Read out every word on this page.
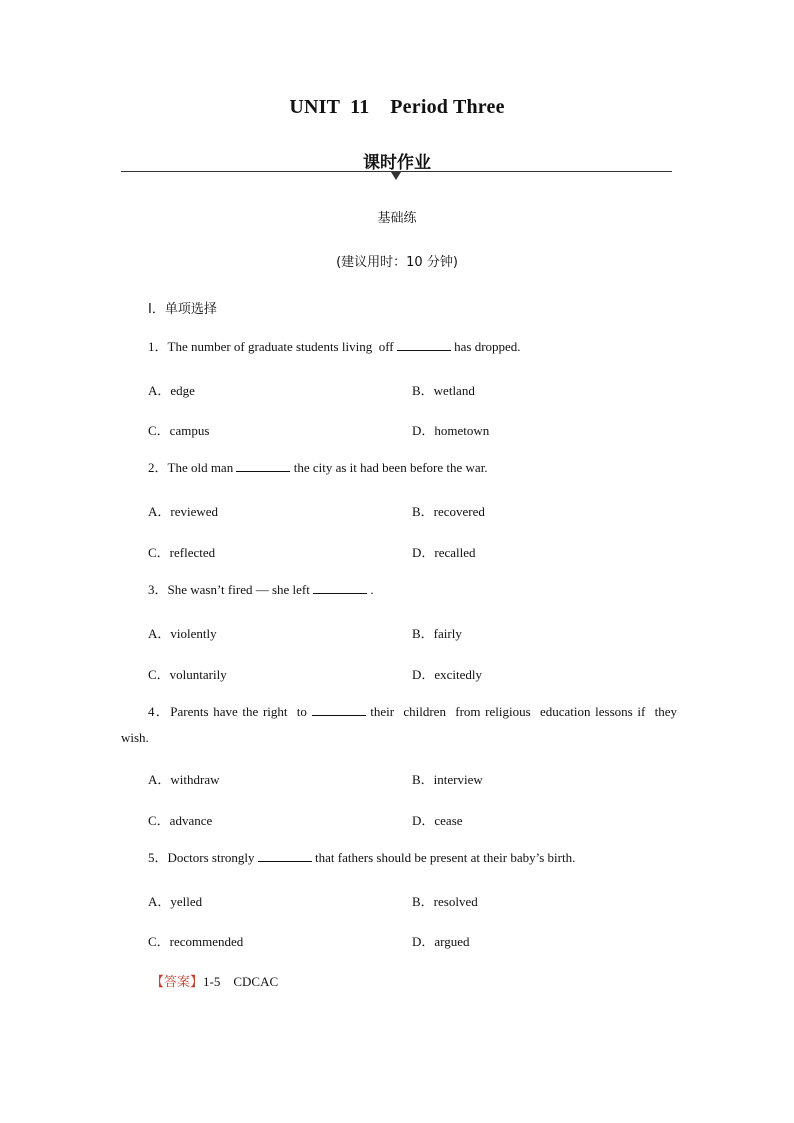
UNIT  11    Period Three
课时作业
基础练
(建议用时：10 分钟)
Ⅰ．单项选择
1．The number of graduate students living  off	has dropped.
A．edge	B．wetland
C．campus	D．hometown
2．The old man	the city as it had been before the war.
A．reviewed	B．recovered
C．reflected	D．recalled
3．She wasn’t fired — she left	.
A．violently	B．fairly
C．voluntarily	D．excitedly
4．Parents have the right  to	their  children  from religious  education lessons if  they wish.
A．withdraw	B．interview
C．advance	D．cease
5．Doctors strongly	that fathers should be present at their baby’s birth.
A．yelled	B．resolved
C．recommended	D．argued
【答案】1-5    CDCAC
